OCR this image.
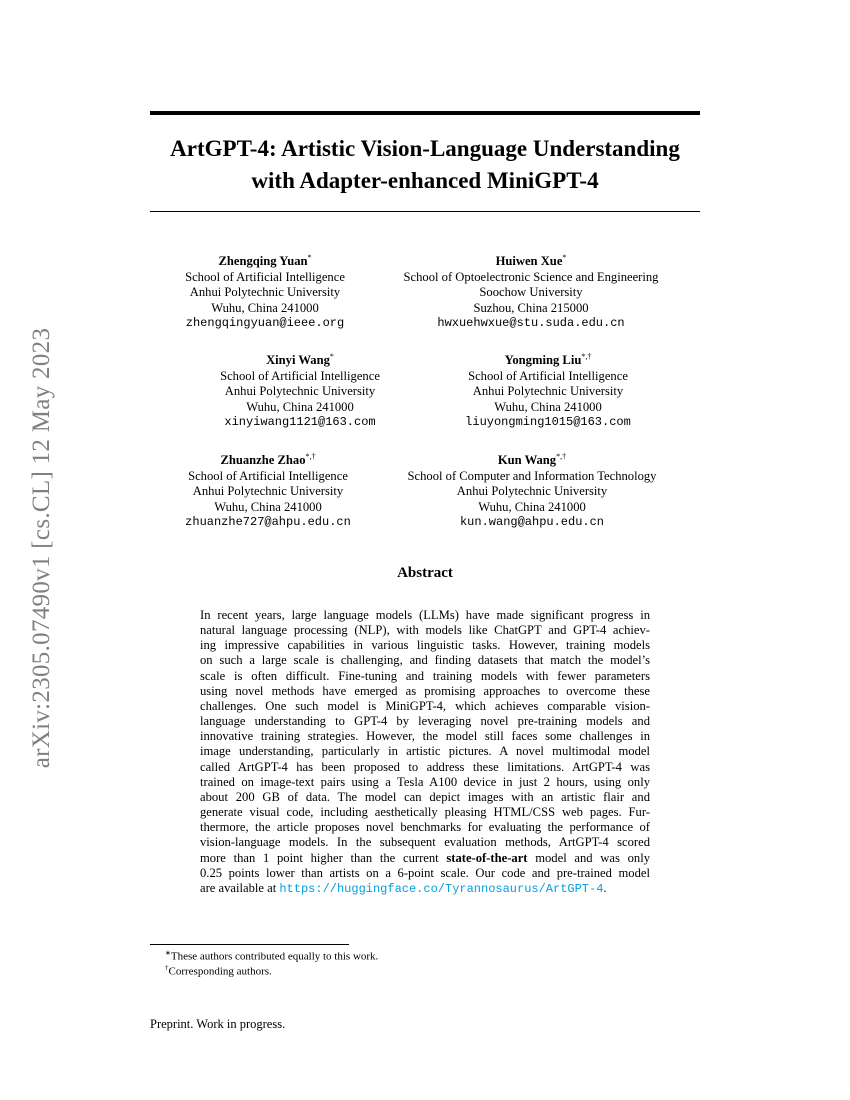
arXiv:2305.07490v1 [cs.CL] 12 May 2023
ArtGPT-4: Artistic Vision-Language Understanding
with Adapter-enhanced MiniGPT-4
Zhengqing Yuan*
School of Artificial Intelligence
Anhui Polytechnic University
Wuhu, China 241000
zhengqingyuan@ieee.org
Huiwen Xue*
School of Optoelectronic Science and Engineering
Soochow University
Suzhou, China 215000
hwxuehwxue@stu.suda.edu.cn
Xinyi Wang*
School of Artificial Intelligence
Anhui Polytechnic University
Wuhu, China 241000
xinyiwang1121@163.com
Yongming Liu*,†
School of Artificial Intelligence
Anhui Polytechnic University
Wuhu, China 241000
liuyongming1015@163.com
Zhuanzhe Zhao*,†
School of Artificial Intelligence
Anhui Polytechnic University
Wuhu, China 241000
zhuanzhe727@ahpu.edu.cn
Kun Wang*,†
School of Computer and Information Technology
Anhui Polytechnic University
Wuhu, China 241000
kun.wang@ahpu.edu.cn
Abstract
In recent years, large language models (LLMs) have made significant progress in
natural language processing (NLP), with models like ChatGPT and GPT-4 achiev-
ing impressive capabilities in various linguistic tasks. However, training models
on such a large scale is challenging, and finding datasets that match the model’s
scale is often difficult. Fine-tuning and training models with fewer parameters
using novel methods have emerged as promising approaches to overcome these
challenges. One such model is MiniGPT-4, which achieves comparable vision-
language understanding to GPT-4 by leveraging novel pre-training models and
innovative training strategies. However, the model still faces some challenges in
image understanding, particularly in artistic pictures. A novel multimodal model
called ArtGPT-4 has been proposed to address these limitations. ArtGPT-4 was
trained on image-text pairs using a Tesla A100 device in just 2 hours, using only
about 200 GB of data. The model can depict images with an artistic flair and
generate visual code, including aesthetically pleasing HTML/CSS web pages. Fur-
thermore, the article proposes novel benchmarks for evaluating the performance of
vision-language models. In the subsequent evaluation methods, ArtGPT-4 scored
more than 1 point higher than the current state-of-the-art model and was only
0.25 points lower than artists on a 6-point scale. Our code and pre-trained model
are available at https://huggingface.co/Tyrannosaurus/ArtGPT-4.
∗These authors contributed equally to this work.
†Corresponding authors.
Preprint. Work in progress.
